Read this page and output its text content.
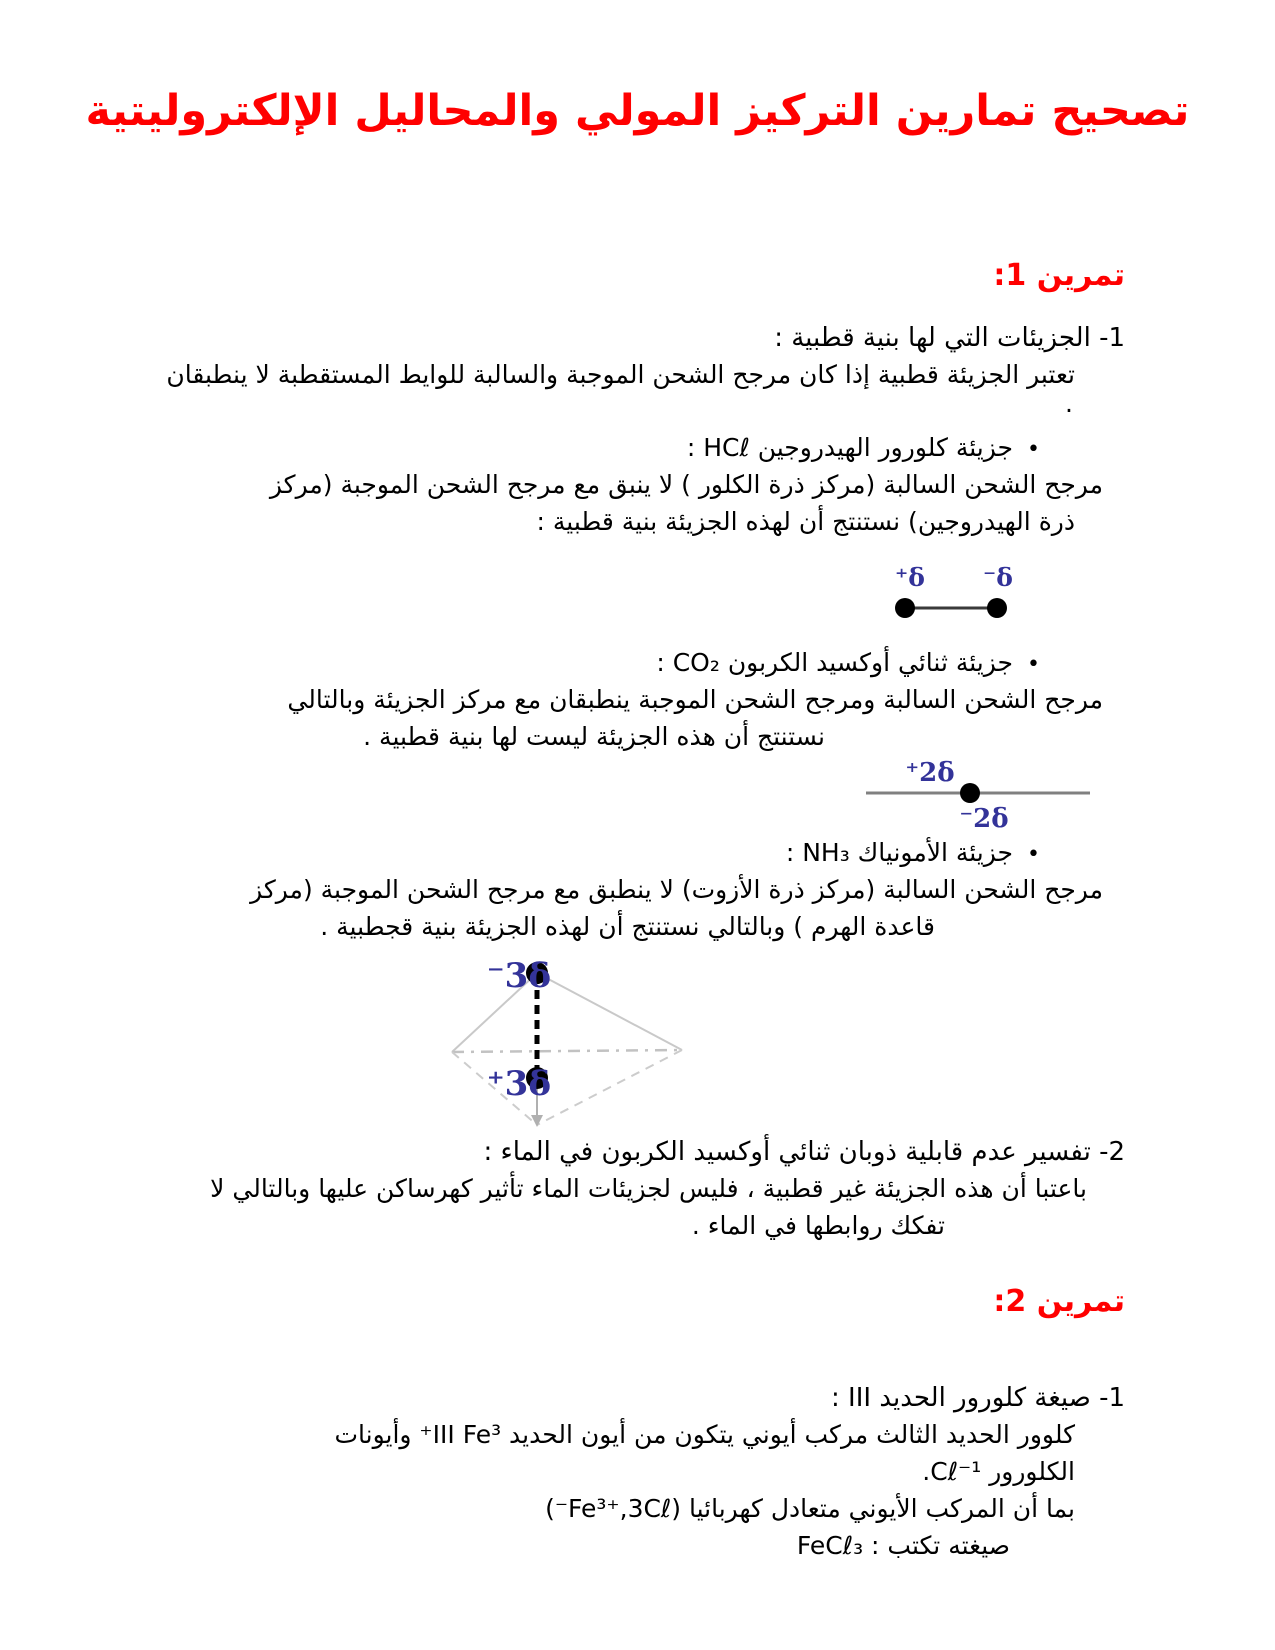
تصحيح تمارين التركيز المولي والمحاليل الإلكتروليتية
تمرين 1:
1- الجزيئات التي لها بنية قطبية :
تعتبر الجزيئة قطبية إذا كان مرجح الشحن الموجبة والسالبة للوايط المستقطبة لا ينطبقان
.
•
جزيئة كلورور الهيدروجين HCℓ :
مرجح الشحن السالبة (مركز ذرة الكلور ) لا ينبق مع مرجح الشحن الموجبة (مركز
ذرة الهيدروجين) نستنتج أن لهذه الجزيئة بنية قطبية :
δ⁺ δ⁻
•
جزيئة ثنائي أوكسيد الكربون CO₂ :
مرجح الشحن السالبة ومرجح الشحن الموجبة ينطبقان مع مركز الجزيئة وبالتالي
نستنتج أن هذه الجزيئة ليست لها بنية قطبية .
2δ⁺
2δ⁻
•
جزيئة الأمونياك NH₃ :
مرجح الشحن السالبة (مركز ذرة الأزوت) لا ينطبق مع مرجح الشحن الموجبة (مركز
قاعدة الهرم ) وبالتالي نستنتج أن لهذه الجزيئة بنية قجطبية .
3δ⁻
3δ⁺
2- تفسير عدم قابلية ذوبان ثنائي أوكسيد الكربون في الماء :
باعتبا أن هذه الجزيئة غير قطبية ، فليس لجزيئات الماء تأثير كهرساكن عليها وبالتالي لا
تفكك روابطها في الماء .
تمرين 2:
1- صيغة كلورور الحديد III :
كلوور الحديد الثالث مركب أيوني يتكون من أيون الحديد III Fe³⁺ وأيونات
الكلورور Cℓ⁻¹.
بما أن المركب الأيوني متعادل كهربائيا (Fe³⁺,3Cℓ⁻)
صيغته تكتب : FeCℓ₃
